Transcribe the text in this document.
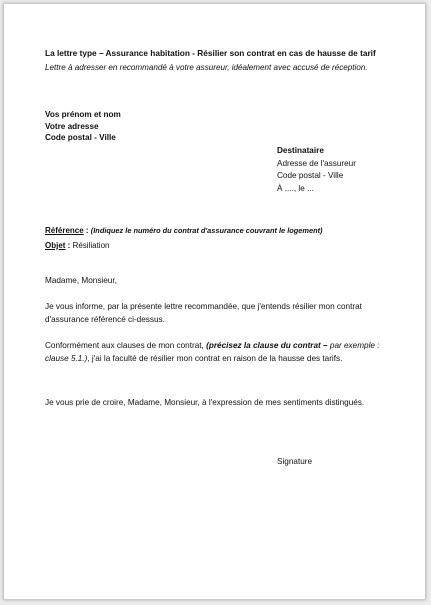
La lettre type – Assurance habitation - Résilier son contrat en cas de hausse de tarif

Lettre à adresser en recommandé à votre assureur, idéalement avec accusé de réception.

Vos prénom et nom
Votre adresse
Code postal - Ville
Destinataire
Adresse de l'assureur
Code postal - Ville
À ...., le ...

Référence : (Indiquez le numéro du contrat d'assurance couvrant le logement)

Objet : Résiliation

Madame, Monsieur,

Je vous informe, par la présente lettre recommandée, que j'entends résilier mon contrat d'assurance référencé ci-dessus.

Conformément aux clauses de mon contrat, (précisez la clause du contrat – par exemple : clause 5.1.), j'ai la faculté de résilier mon contrat en raison de la hausse des tarifs.

Je vous prie de croire, Madame, Monsieur, à l'expression de mes sentiments distingués.

Signature
